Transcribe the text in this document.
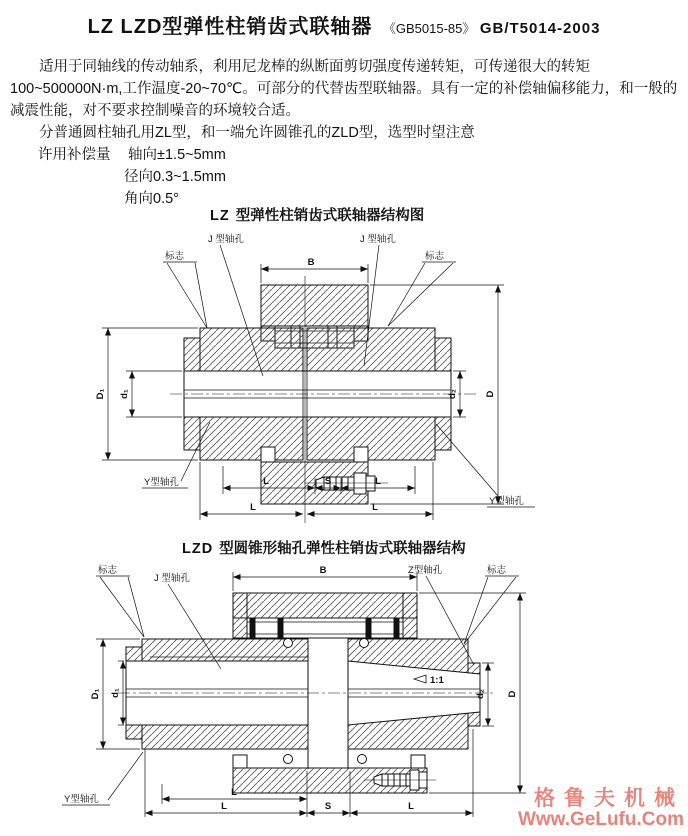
LZ LZD型弹性柱销齿式联轴器 《GB5015-85》 GB/T5014-2003

适用于同轴线的传动轴系，利用尼龙棒的纵断面剪切强度传递转矩，可传递很大的转矩100~500000N·m,工作温度-20~70℃。可部分的代替齿型联轴器。具有一定的补偿轴偏移能力，和一般的减震性能，对不要求控制噪音的环境较合适。

分普通圆柱轴孔用ZL型，和一端允许圆锥孔的ZLD型，选型时望注意

许用补偿量 轴向±1.5~5mm
径向0.3~1.5mm
角向0.5°
LZ 型弹性柱销齿式联轴器结构图
B
D
D₁ d₁	d₂
L	S	L
L	L
标志
J 型轴孔	J 型轴孔
标志
Y型轴孔
Y型轴孔
LZD 型圆锥形轴孔弹性柱销齿式联轴器结构
1:1
B
D
D₁ d₁	d₂
L
L	S	L
标志
J 型轴孔
Z型轴孔	标志
Y型轴孔	格鲁夫机械
Www.GeLufu.Com
